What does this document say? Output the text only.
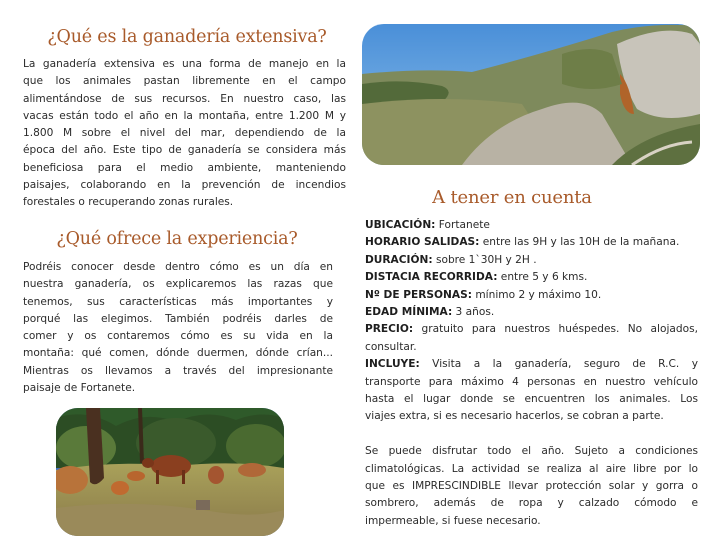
¿Qué es la ganadería extensiva?
La ganadería extensiva es una forma de manejo en la
que los animales pastan libremente en el campo
alimentándose de sus recursos. En nuestro caso, las
vacas están todo el año en la montaña, entre 1.200 M y
1.800 M sobre el nivel del mar, dependiendo de la
época del año. Este tipo de ganadería se considera más
beneficiosa para el medio ambiente, manteniendo
paisajes, colaborando en la prevención de incendios
forestales o recuperando zonas rurales.
¿Qué ofrece la experiencia?
Podréis conocer desde dentro cómo es un día en
nuestra ganadería, os explicaremos las razas que
tenemos, sus características más importantes y
porqué las elegimos. También podréis darles de
comer y os contaremos cómo es su vida en la
montaña: qué comen, dónde duermen, dónde crían...
Mientras os llevamos a través del impresionante
paisaje de Fortanete.
A tener en cuenta
UBICACIÓN: Fortanete
HORARIO SALIDAS: entre las 9H y las 10H de la mañana.
DURACIÓN: sobre 1`30H y 2H .
DISTACIA RECORRIDA: entre 5 y 6 kms.
Nº DE PERSONAS: mínimo 2 y máximo 10.
EDAD MÍNIMA: 3 años.
PRECIO: gratuito para nuestros huéspedes. No alojados,
consultar.
INCLUYE: Visita a la ganadería, seguro de R.C. y
transporte para máximo 4 personas en nuestro vehículo
hasta el lugar donde se encuentren los animales. Los
viajes extra, si es necesario hacerlos, se cobran a parte.
Se puede disfrutar todo el año. Sujeto a condiciones
climatológicas. La actividad se realiza al aire libre por lo
que es IMPRESCINDIBLE llevar protección solar y gorra o
sombrero, además de ropa y calzado cómodo e
impermeable, si fuese necesario.
